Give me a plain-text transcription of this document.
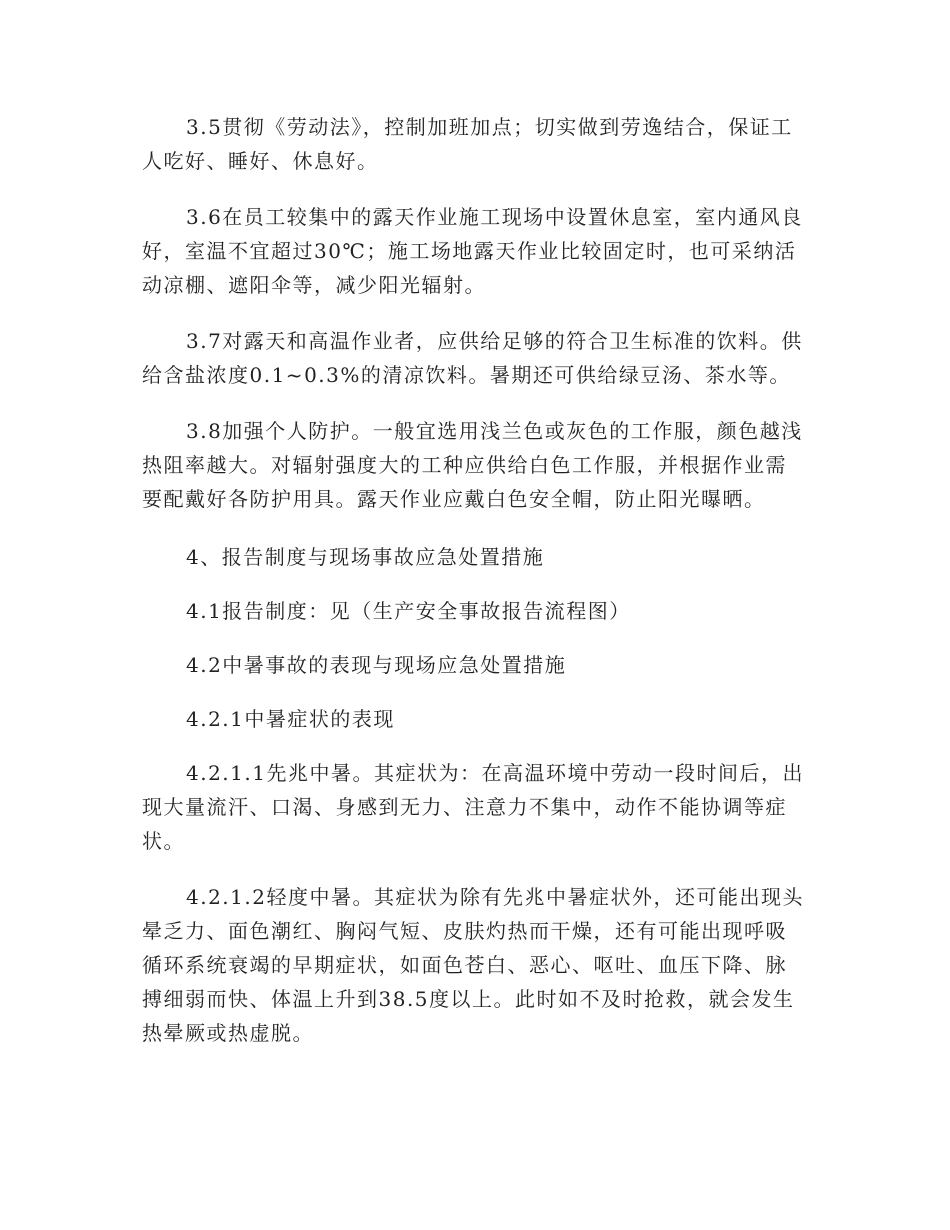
3.5贯彻《劳动法》，控制加班加点；切实做到劳逸结合，保证工
人吃好、睡好、休息好。

3.6在员工较集中的露天作业施工现场中设置休息室，室内通风良
好，室温不宜超过30℃；施工场地露天作业比较固定时，也可采纳活
动凉棚、遮阳伞等，减少阳光辐射。

3.7对露天和高温作业者，应供给足够的符合卫生标准的饮料。供
给含盐浓度0.1~0.3%的清凉饮料。暑期还可供给绿豆汤、茶水等。

3.8加强个人防护。一般宜选用浅兰色或灰色的工作服，颜色越浅
热阻率越大。对辐射强度大的工种应供给白色工作服，并根据作业需
要配戴好各防护用具。露天作业应戴白色安全帽，防止阳光曝晒。

4、报告制度与现场事故应急处置措施

4.1报告制度：见（生产安全事故报告流程图）

4.2中暑事故的表现与现场应急处置措施

4.2.1中暑症状的表现

4.2.1.1先兆中暑。其症状为：在高温环境中劳动一段时间后，出
现大量流汗、口渴、身感到无力、注意力不集中，动作不能协调等症
状。

4.2.1.2轻度中暑。其症状为除有先兆中暑症状外，还可能出现头
晕乏力、面色潮红、胸闷气短、皮肤灼热而干燥，还有可能出现呼吸
循环系统衰竭的早期症状，如面色苍白、恶心、呕吐、血压下降、脉
搏细弱而快、体温上升到38.5度以上。此时如不及时抢救，就会发生
热晕厥或热虚脱。
